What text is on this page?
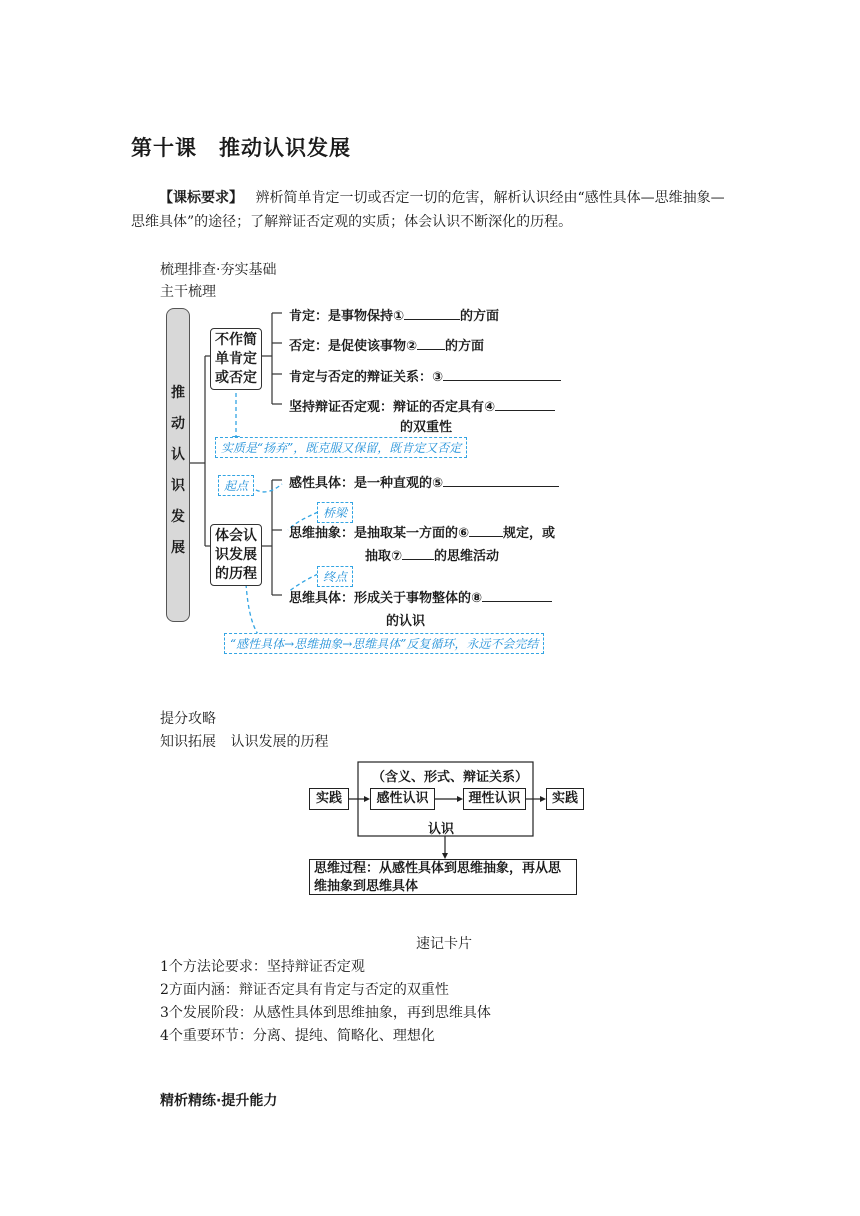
第十课　推动认识发展
【课标要求】 辨析简单肯定一切或否定一切的危害，解析认识经由“感性具体—思维抽象—思维具体”的途径；了解辩证否定观的实质；体会认识不断深化的历程。
梳理排查·夯实基础
主干梳理
推
动
认
识
发
展
不作简
单肯定
或否定
肯定：是事物保持①	的方面
否定：是促使该事物② 的方面
肯定与否定的辩证关系：③
坚持辩证否定观：辩证的否定具有④
的双重性
实质是“扬弃”，既克服又保留，既肯定又否定
起点
桥梁
终点
体会认
识发展
的历程
感性具体：是一种直观的⑤
思维抽象：是抽取某一方面的⑥	规定，或
抽取⑦ 的思维活动
思维具体：形成关于事物整体的⑧
的认识
“感性具体→思维抽象→思维具体”反复循环，永远不会完结
提分攻略
知识拓展 认识发展的历程
（含义、形式、辩证关系）
实践	感性认识	理性认识	实践
认识
思维过程：从感性具体到思维抽象，再从思维抽象到思维具体
速记卡片
1个方法论要求：坚持辩证否定观
2方面内涵：辩证否定具有肯定与否定的双重性
3个发展阶段：从感性具体到思维抽象，再到思维具体
4个重要环节：分离、提纯、简略化、理想化
精析精练·提升能力
